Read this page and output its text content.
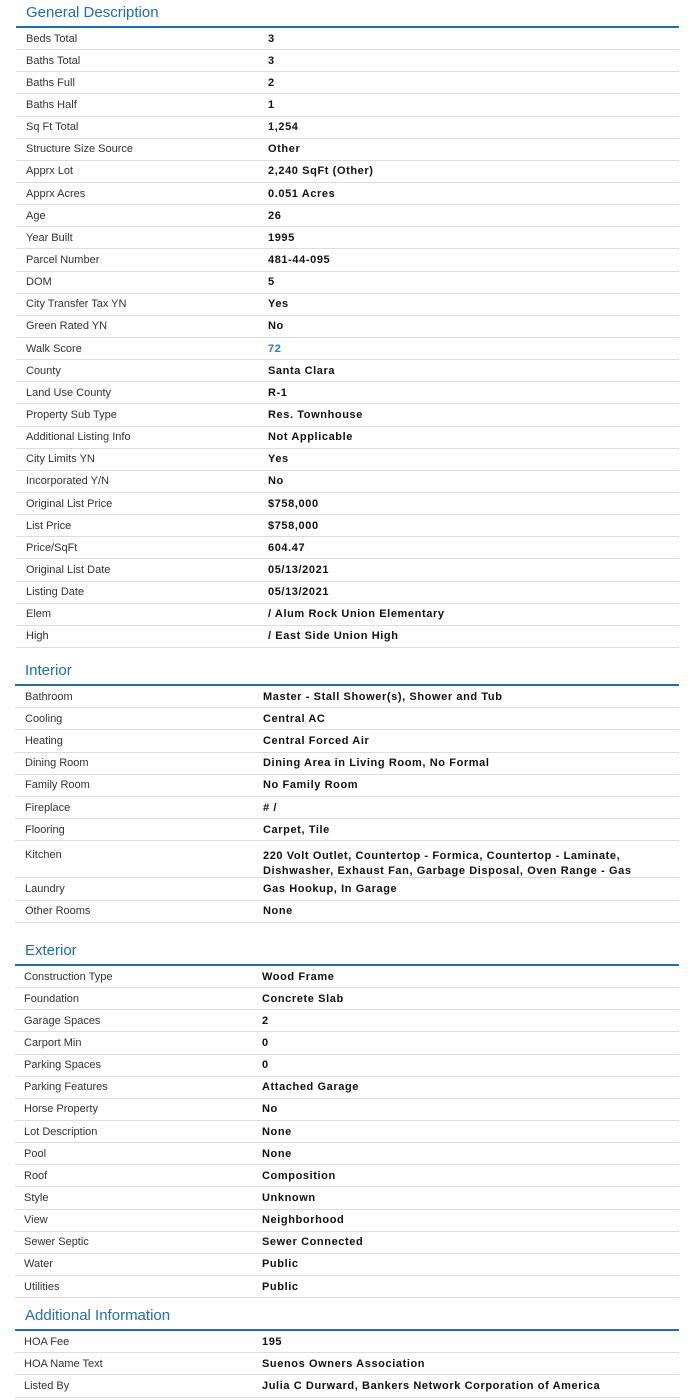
General Description
Beds Total	3
Baths Total	3
Baths Full	2
Baths Half	1
Sq Ft Total	1,254
Structure Size Source	Other
Apprx Lot	2,240 SqFt (Other)
Apprx Acres	0.051 Acres
Age	26
Year Built	1995
Parcel Number	481-44-095
DOM	5
City Transfer Tax YN	Yes
Green Rated YN	No
Walk Score	72
County	Santa Clara
Land Use County	R-1
Property Sub Type	Res. Townhouse
Additional Listing Info	Not Applicable
City Limits YN	Yes
Incorporated Y/N	No
Original List Price	$758,000
List Price	$758,000
Price/SqFt	604.47
Original List Date	05/13/2021
Listing Date	05/13/2021
Elem	/ Alum Rock Union Elementary
High	/ East Side Union High
Interior
Bathroom	Master - Stall Shower(s), Shower and Tub
Cooling	Central AC
Heating	Central Forced Air
Dining Room	Dining Area in Living Room, No Formal
Family Room	No Family Room
Fireplace	# /
Flooring	Carpet, Tile
Kitchen	220 Volt Outlet, Countertop - Formica, Countertop - Laminate, Dishwasher, Exhaust Fan, Garbage Disposal, Oven Range - Gas
Laundry	Gas Hookup, In Garage
Other Rooms	None
Exterior
Construction Type	Wood Frame
Foundation	Concrete Slab
Garage Spaces	2
Carport Min	0
Parking Spaces	0
Parking Features	Attached Garage
Horse Property	No
Lot Description	None
Pool	None
Roof	Composition
Style	Unknown
View	Neighborhood
Sewer Septic	Sewer Connected
Water	Public
Utilities	Public
Additional Information
HOA Fee	195
HOA Name Text	Suenos Owners Association
Listed By	Julia C Durward, Bankers Network Corporation of America
